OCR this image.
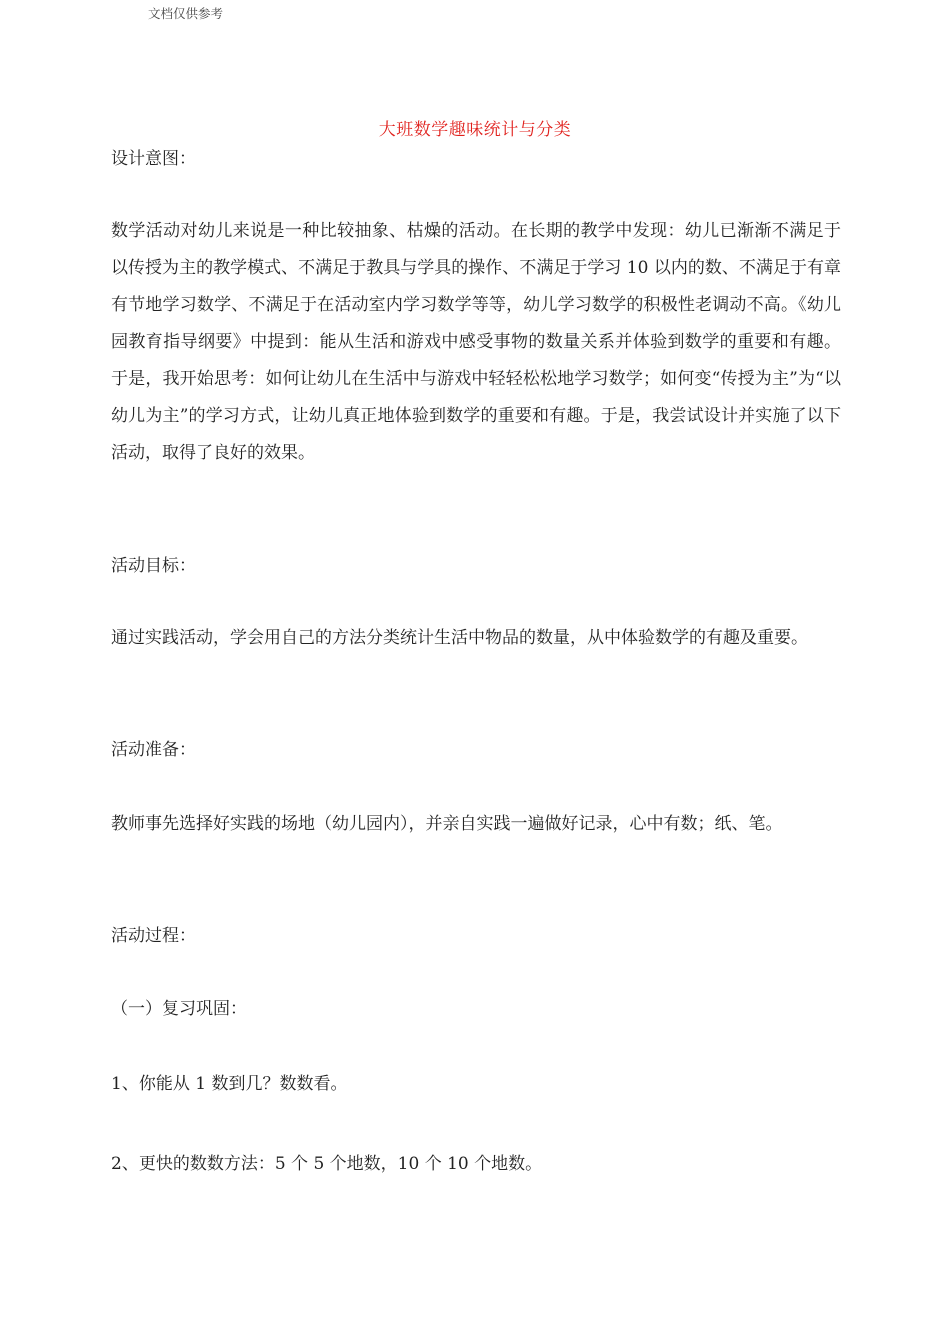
文档仅供参考
大班数学趣味统计与分类

设计意图：

数学活动对幼儿来说是一种比较抽象、枯燥的活动。在长期的教学中发现：幼儿已渐渐不满足于以传授为主的教学模式、不满足于教具与学具的操作、不满足于学习 10 以内的数、不满足于有章有节地学习数学、不满足于在活动室内学习数学等等，幼儿学习数学的积极性老调动不高。《幼儿园教育指导纲要》中提到：能从生活和游戏中感受事物的数量关系并体验到数学的重要和有趣。于是，我开始思考：如何让幼儿在生活中与游戏中轻轻松松地学习数学；如何变“传授为主”为“以幼儿为主”的学习方式，让幼儿真正地体验到数学的重要和有趣。于是，我尝试设计并实施了以下活动，取得了良好的效果。

活动目标：

通过实践活动，学会用自己的方法分类统计生活中物品的数量，从中体验数学的有趣及重要。

活动准备：

教师事先选择好实践的场地（幼儿园内），并亲自实践一遍做好记录，心中有数；纸、笔。

活动过程：

（一）复习巩固：

1、你能从 1 数到几？数数看。

2、更快的数数方法：5 个 5 个地数，10 个 10 个地数。
